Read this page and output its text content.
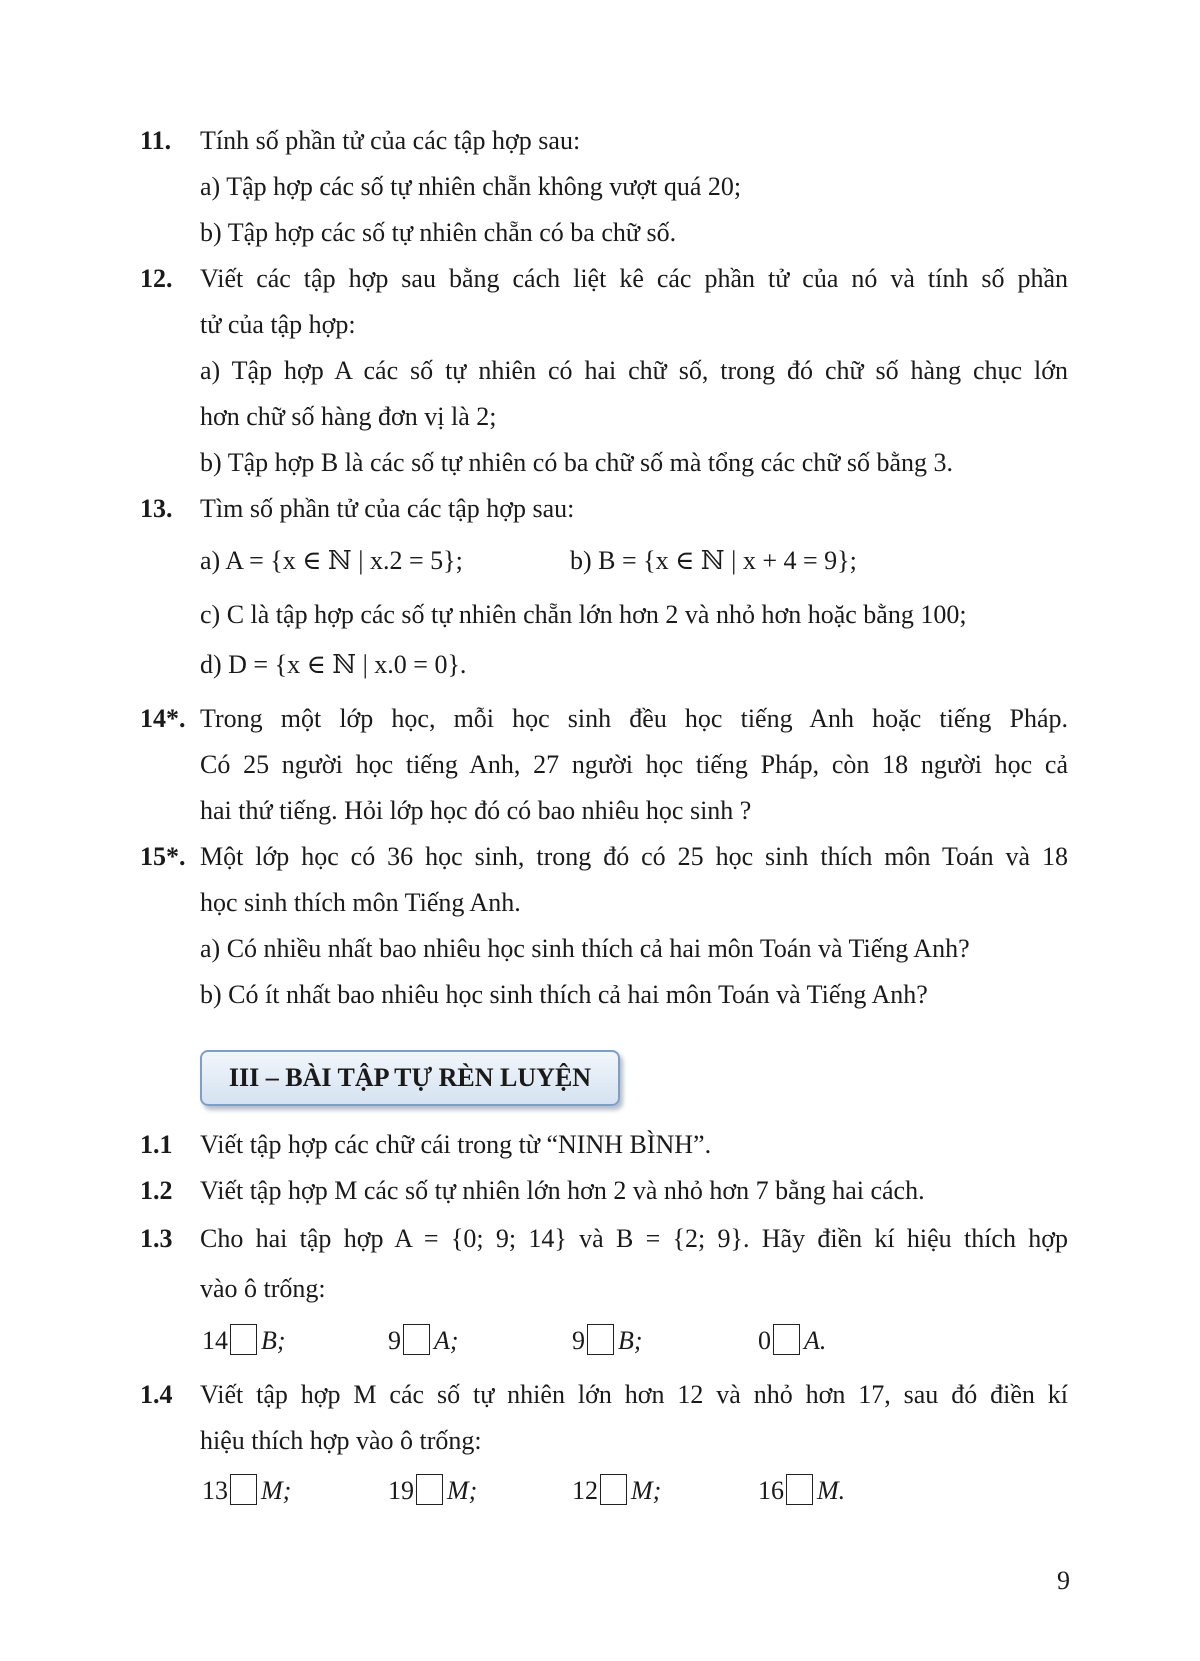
11. Tính số phần tử của các tập hợp sau:
a) Tập hợp các số tự nhiên chẵn không vượt quá 20;
b) Tập hợp các số tự nhiên chẵn có ba chữ số.
12. Viết các tập hợp sau bằng cách liệt kê các phần tử của nó và tính số phần
tử của tập hợp:
a) Tập hợp A các số tự nhiên có hai chữ số, trong đó chữ số hàng chục lớn
hơn chữ số hàng đơn vị là 2;
b) Tập hợp B là các số tự nhiên có ba chữ số mà tổng các chữ số bằng 3.
13. Tìm số phần tử của các tập hợp sau:
a) A = {x ∈ ℕ | x.2 = 5};	b) B = {x ∈ ℕ | x + 4 = 9};
c) C là tập hợp các số tự nhiên chẵn lớn hơn 2 và nhỏ hơn hoặc bằng 100;
d) D = {x ∈ ℕ | x.0 = 0}.
14*. Trong một lớp học, mỗi học sinh đều học tiếng Anh hoặc tiếng Pháp.
Có 25 người học tiếng Anh, 27 người học tiếng Pháp, còn 18 người học cả
hai thứ tiếng. Hỏi lớp học đó có bao nhiêu học sinh ?
15*. Một lớp học có 36 học sinh, trong đó có 25 học sinh thích môn Toán và 18
học sinh thích môn Tiếng Anh.
a) Có nhiều nhất bao nhiêu học sinh thích cả hai môn Toán và Tiếng Anh?
b) Có ít nhất bao nhiêu học sinh thích cả hai môn Toán và Tiếng Anh?
III – BÀI TẬP TỰ RÈN LUYỆN
1.1 Viết tập hợp các chữ cái trong từ “NINH BÌNH”.
1.2 Viết tập hợp M các số tự nhiên lớn hơn 2 và nhỏ hơn 7 bằng hai cách.
1.3 Cho hai tập hợp A = {0; 9; 14} và B = {2; 9}. Hãy điền kí hiệu thích hợp
vào ô trống:
14 B;	9 A;	9 B;	0 A.
1.4 Viết tập hợp M các số tự nhiên lớn hơn 12 và nhỏ hơn 17, sau đó điền kí
hiệu thích hợp vào ô trống:
13 M;	19 M;	12 M;	16 M.
9
